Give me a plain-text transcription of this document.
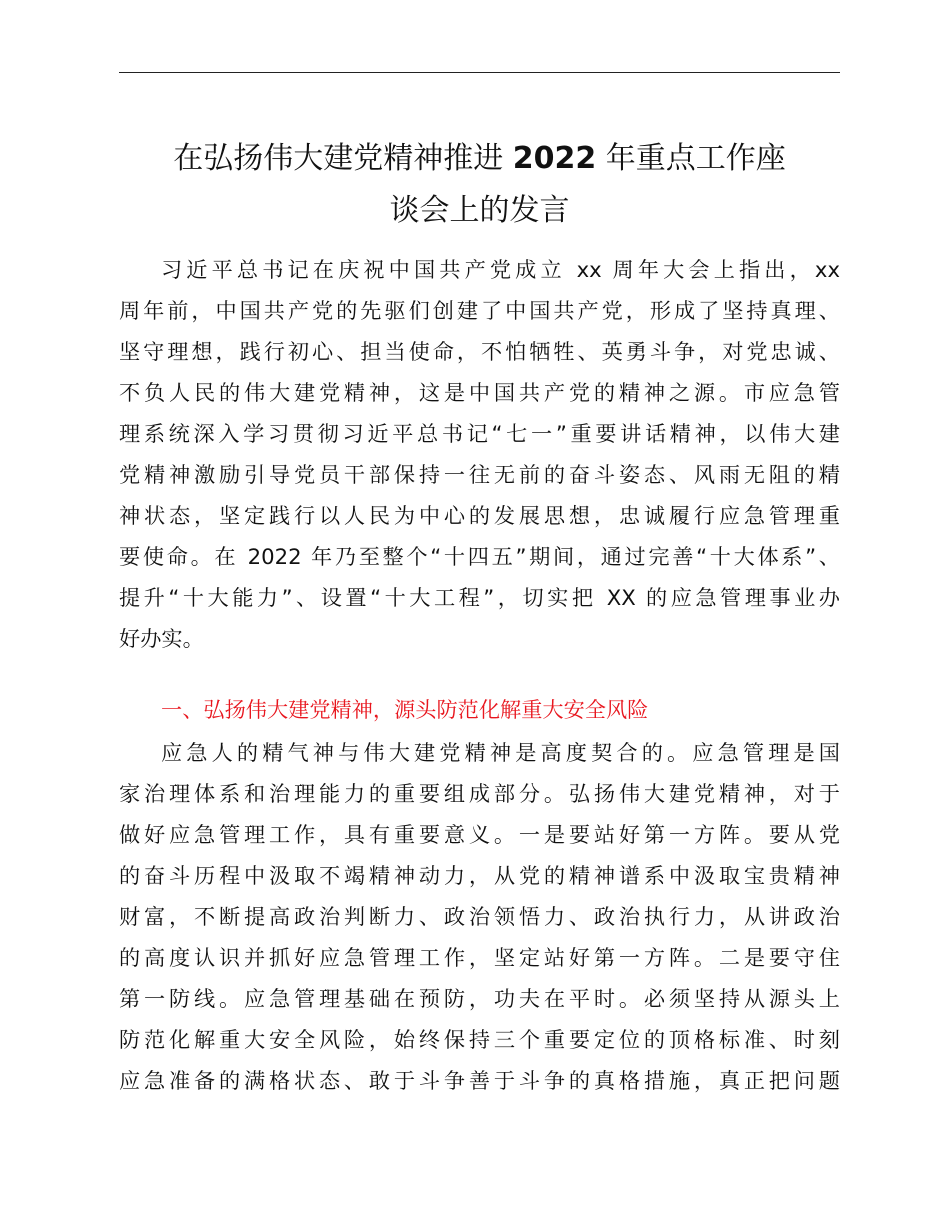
在弘扬伟大建党精神推进 2022 年重点工作座
谈会上的发言
习近平总书记在庆祝中国共产党成立 xx 周年大会上指出，xx
周年前，中国共产党的先驱们创建了中国共产党，形成了坚持真理、
坚守理想，践行初心、担当使命，不怕牺牲、英勇斗争，对党忠诚、
不负人民的伟大建党精神，这是中国共产党的精神之源。市应急管
理系统深入学习贯彻习近平总书记“七一”重要讲话精神，以伟大建
党精神激励引导党员干部保持一往无前的奋斗姿态、风雨无阻的精
神状态，坚定践行以人民为中心的发展思想，忠诚履行应急管理重
要使命。在 2022 年乃至整个“十四五”期间，通过完善“十大体系”、
提升“十大能力”、设置“十大工程”，切实把 XX 的应急管理事业办
好办实。
一、弘扬伟大建党精神，源头防范化解重大安全风险
应急人的精气神与伟大建党精神是高度契合的。应急管理是国
家治理体系和治理能力的重要组成部分。弘扬伟大建党精神，对于
做好应急管理工作，具有重要意义。一是要站好第一方阵。要从党
的奋斗历程中汲取不竭精神动力，从党的精神谱系中汲取宝贵精神
财富，不断提高政治判断力、政治领悟力、政治执行力，从讲政治
的高度认识并抓好应急管理工作，坚定站好第一方阵。二是要守住
第一防线。应急管理基础在预防，功夫在平时。必须坚持从源头上
防范化解重大安全风险，始终保持三个重要定位的顶格标准、时刻
应急准备的满格状态、敢于斗争善于斗争的真格措施，真正把问题
